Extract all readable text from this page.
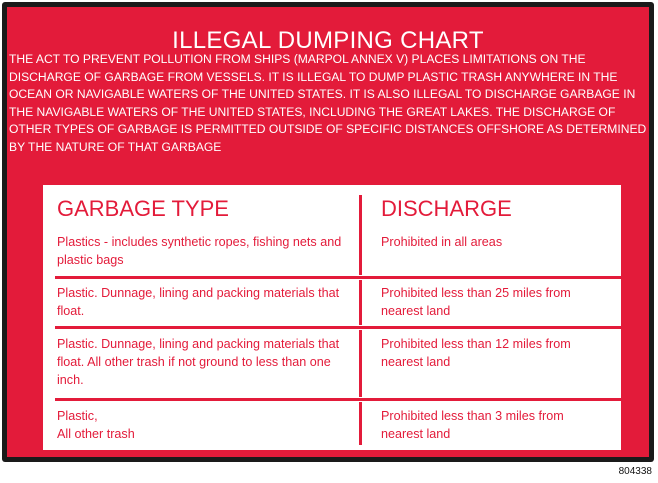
ILLEGAL DUMPING CHART

THE ACT TO PREVENT POLLUTION FROM SHIPS (MARPOL ANNEX V) PLACES LIMITATIONS ON THE DISCHARGE OF GARBAGE FROM VESSELS. IT IS ILLEGAL TO DUMP PLASTIC TRASH ANYWHERE IN THE OCEAN OR NAVIGABLE WATERS OF THE UNITED STATES. IT IS ALSO ILLEGAL TO DISCHARGE GARBAGE IN THE NAVIGABLE WATERS OF THE UNITED STATES, INCLUDING THE GREAT LAKES. THE DISCHARGE OF OTHER TYPES OF GARBAGE IS PERMITTED OUTSIDE OF SPECIFIC DISTANCES OFFSHORE AS DETERMINED BY THE NATURE OF THAT GARBAGE

GARBAGE TYPE	DISCHARGE

Plastics - includes synthetic ropes, fishing nets and plastic bags

Prohibited in all areas

Plastic. Dunnage, lining and packing materials that float.

Prohibited less than 25 miles from nearest land

Plastic. Dunnage, lining and packing materials that float. All other trash if not ground to less than one inch.

Prohibited less than 12 miles from nearest land

Plastic,
All other trash

Prohibited less than 3 miles from nearest land

804338
